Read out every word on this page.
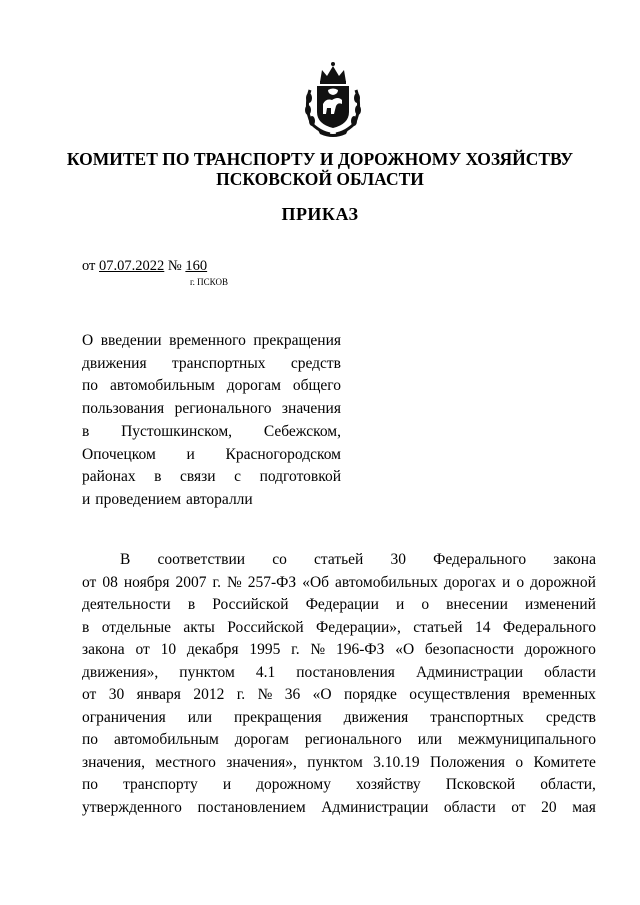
КОМИТЕТ ПО ТРАНСПОРТУ И ДОРОЖНОМУ ХОЗЯЙСТВУ
ПСКОВСКОЙ ОБЛАСТИ
ПРИКАЗ
от 07.07.2022 № 160
г. ПСКОВ
О введении временного прекращения
движения транспортных средств
по автомобильным дорогам общего
пользования регионального значения
в Пустошкинском, Себежском,
Опочецком и Красногородском
районах в связи с подготовкой
и проведением авторалли
В соответствии со статьей 30 Федерального закона
от 08 ноября 2007 г. № 257-ФЗ «Об автомобильных дорогах и о дорожной
деятельности в Российской Федерации и о внесении изменений
в отдельные акты Российской Федерации», статьей 14 Федерального
закона от 10 декабря 1995 г. № 196-ФЗ «О безопасности дорожного
движения», пунктом 4.1 постановления Администрации области
от 30 января 2012 г. № 36 «О порядке осуществления временных
ограничения или прекращения движения транспортных средств
по автомобильным дорогам регионального или межмуниципального
значения, местного значения», пунктом 3.10.19 Положения о Комитете
по транспорту и дорожному хозяйству Псковской области,
утвержденного постановлением Администрации области от 20 мая
